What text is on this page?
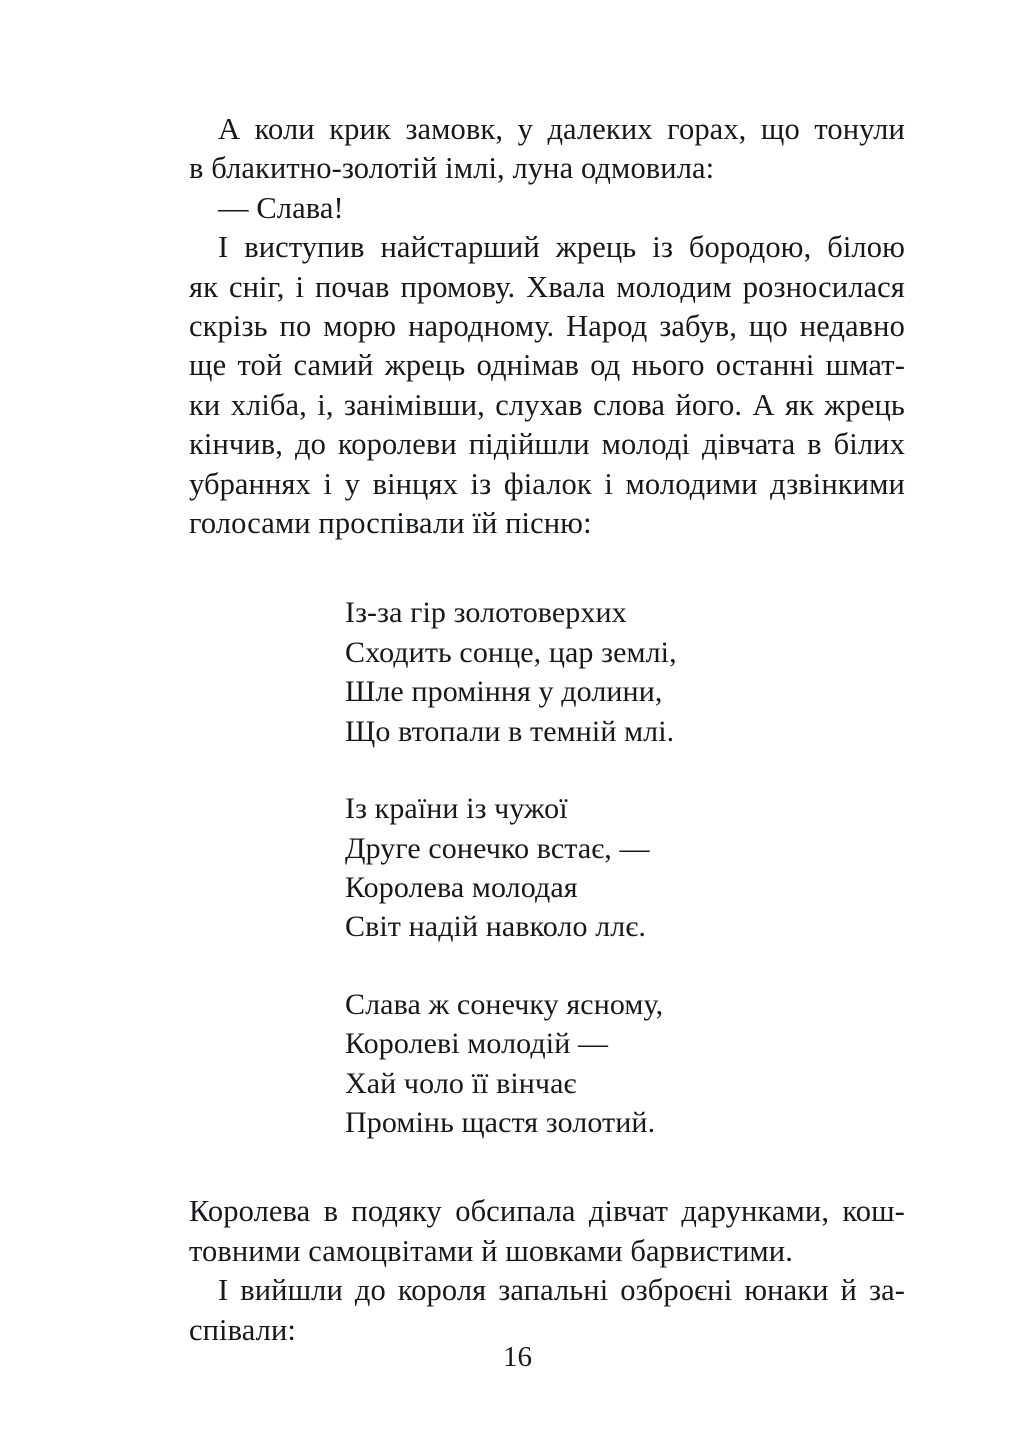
А коли крик замовк, у далеких горах, що тонули
в блакитно-золотій імлі, луна одмовила:
— Слава!
І виступив найстарший жрець із бородою, білою
як сніг, і почав промову. Хвала молодим розносилася
скрізь по морю народному. Народ забув, що недавно
ще той самий жрець однімав од нього останні шмат-
ки хліба, і, занімівши, слухав слова його. А як жрець
кінчив, до королеви підійшли молоді дівчата в білих
убраннях і у вінцях із фіалок і молодими дзвінкими
голосами проспівали їй пісню:
Із-за гір золотоверхих
Сходить сонце, цар землі,
Шле проміння у долини,
Що втопали в темній млі.
Із країни із чужої
Друге сонечко встає, —
Королева молодая
Світ надій навколо ллє.
Слава ж сонечку ясному,
Королеві молодій —
Хай чоло її вінчає
Промінь щастя золотий.
Королева в подяку обсипала дівчат дарунками, кош-
товними самоцвітами й шовками барвистими.
І вийшли до короля запальні озброєні юнаки й за-
співали:
16
